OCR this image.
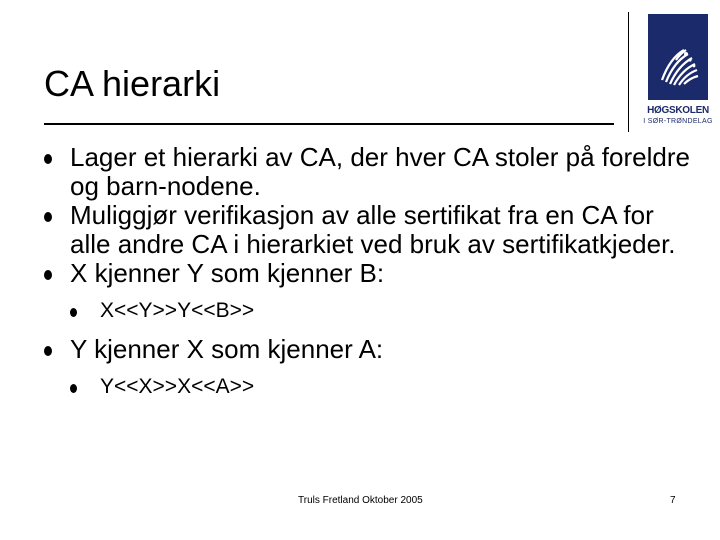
CA hierarki
HØGSKOLEN
I SØR-TRØNDELAG
Lager et hierarki av CA, der hver CA stoler på foreldre og barn-nodene.
Muliggjør verifikasjon av alle sertifikat fra en CA for alle andre CA i hierarkiet ved bruk av sertifikatkjeder.
X kjenner Y som kjenner B:
X<<Y>>Y<<B>>
Y kjenner X som kjenner A:
Y<<X>>X<<A>>
Truls Fretland Oktober 2005	7
